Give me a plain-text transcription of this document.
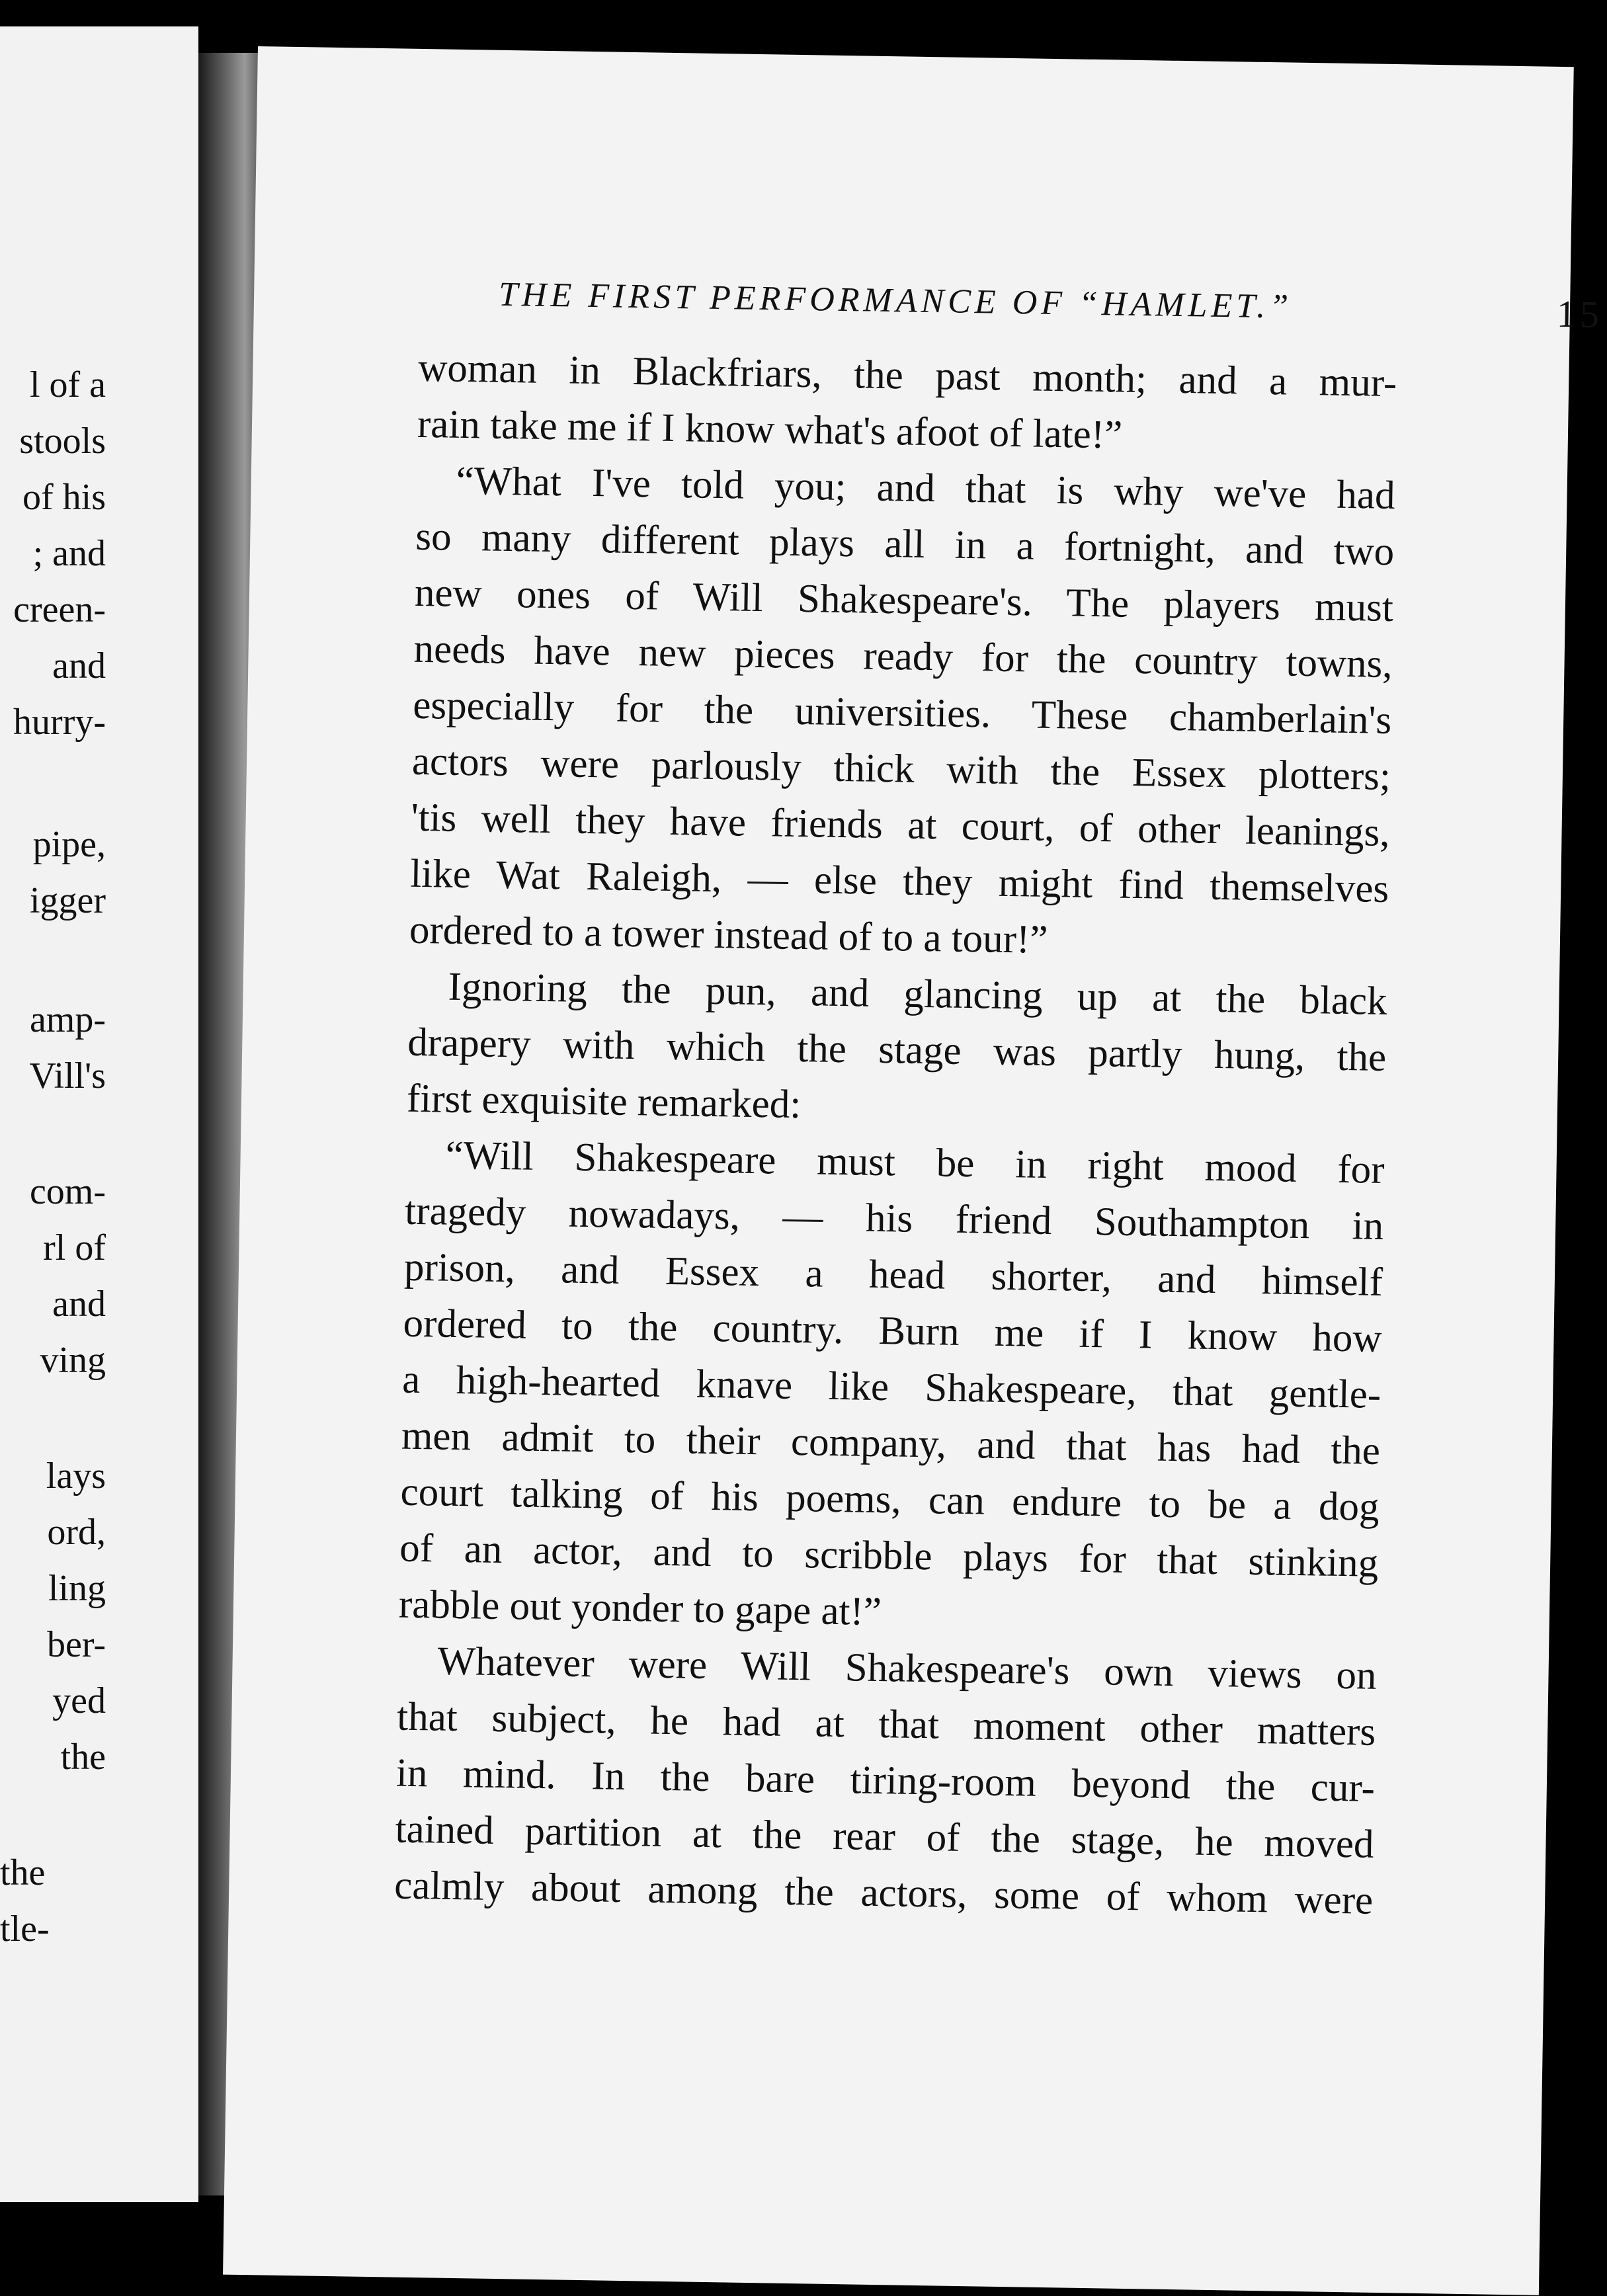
l of a
stools
of his
; and
creen-
and
hurry-
pipe,
igger
amp-
Vill's
com-
rl of
and
ving
lays
ord,
ling
ber-
yed
the
the
tle-
THE FIRST PERFORMANCE OF “HAMLET.”	15
woman in Blackfriars, the past month; and a mur-
rain take me if I know what's afoot of late!”
“What I've told you; and that is why we've had
so many different plays all in a fortnight, and two
new ones of Will Shakespeare's. The players must
needs have new pieces ready for the country towns,
especially for the universities. These chamberlain's
actors were parlously thick with the Essex plotters;
'tis well they have friends at court, of other leanings,
like Wat Raleigh, — else they might find themselves
ordered to a tower instead of to a tour!”
Ignoring the pun, and glancing up at the black
drapery with which the stage was partly hung, the
first exquisite remarked:
“Will Shakespeare must be in right mood for
tragedy nowadays, — his friend Southampton in
prison, and Essex a head shorter, and himself
ordered to the country. Burn me if I know how
a high-hearted knave like Shakespeare, that gentle-
men admit to their company, and that has had the
court talking of his poems, can endure to be a dog
of an actor, and to scribble plays for that stinking
rabble out yonder to gape at!”
Whatever were Will Shakespeare's own views on
that subject, he had at that moment other matters
in mind. In the bare tiring-room beyond the cur-
tained partition at the rear of the stage, he moved
calmly about among the actors, some of whom were
